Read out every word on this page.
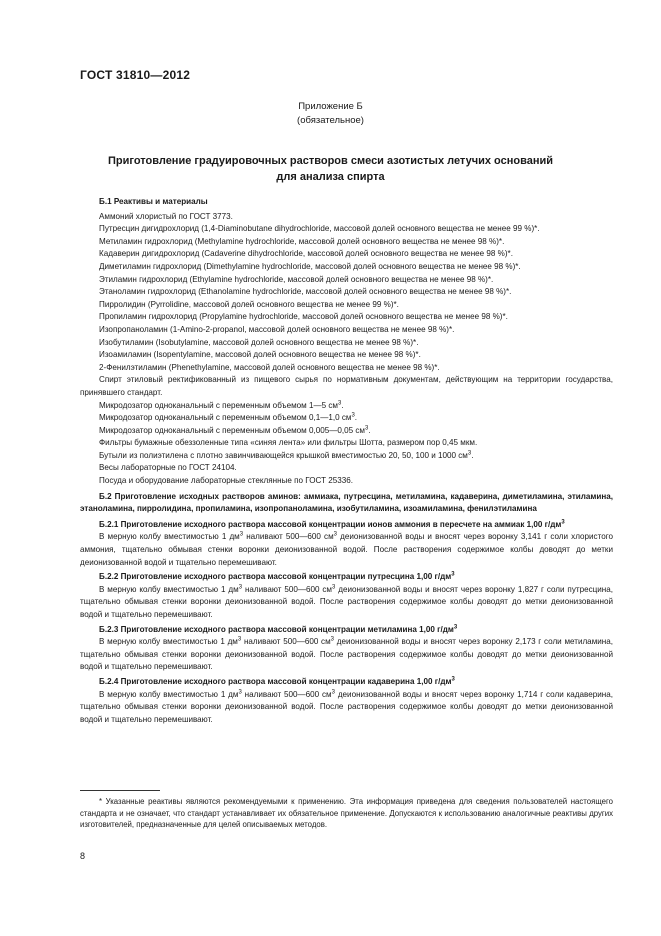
ГОСТ 31810—2012
Приложение Б
(обязательное)
Приготовление градуировочных растворов смеси азотистых летучих оснований
для анализа спирта

Б.1 Реактивы и материалы

Аммоний хлористый по ГОСТ 3773.

Путресцин дигидрохлорид (1,4-Diaminobutane dihydrochloride, массовой долей основного вещества не менее 99 %)*.

Метиламин гидрохлорид (Methylamine hydrochloride, массовой долей основного вещества не менее 98 %)*.

Кадаверин дигидрохлорид (Cadaverine dihydrochloride, массовой долей основного вещества не менее 98 %)*.

Диметиламин гидрохлорид (Dimethylamine hydrochloride, массовой долей основного вещества не менее 98 %)*.

Этиламин гидрохлорид (Ethylamine hydrochloride, массовой долей основного вещества не менее 98 %)*.

Этаноламин гидрохлорид (Ethanolamine hydrochloride, массовой долей основного вещества не менее 98 %)*.

Пирролидин (Pyrrolidine, массовой долей основного вещества не менее 99 %)*.

Пропиламин гидрохлорид (Propylamine hydrochloride, массовой долей основного вещества не менее 98 %)*.

Изопропаноламин (1-Amino-2-propanol, массовой долей основного вещества не менее 98 %)*.

Изобутиламин (Isobutylamine, массовой долей основного вещества не менее 98 %)*.

Изоамиламин (Isopentylamine, массовой долей основного вещества не менее 98 %)*.

2-Фенилэтиламин (Phenethylamine, массовой долей основного вещества не менее 98 %)*.

Спирт этиловый ректификованный из пищевого сырья по нормативным документам, действующим на территории государства, принявшего стандарт.

Микродозатор одноканальный с переменным объемом 1—5 $см^3$.

Микродозатор одноканальный с переменным объемом 0,1—1,0 $см^3$.

Микродозатор одноканальный с переменным объемом 0,005—0,05 $см^3$.

Фильтры бумажные обеззоленные типа «синяя лента» или фильтры Шотта, размером пор 0,45 мкм.

Бутыли из полиэтилена с плотно завинчивающейся крышкой вместимостью 20, 50, 100 и 1000 $см^3$.

Весы лабораторные по ГОСТ 24104.

Посуда и оборудование лабораторные стеклянные по ГОСТ 25336.

Б.2 Приготовление исходных растворов аминов: аммиака, путресцина, метиламина, кадаверина, диметиламина, этиламина, этаноламина, пирролидина, пропиламина, изопропаноламина, изобутиламина, изоамиламина, фенилэтиламина

Б.2.1 Приготовление исходного раствора массовой концентрации ионов аммония в пересчете на аммиак 1,00 $г/дм^3$

В мерную колбу вместимостью 1 $дм^3$ наливают 500—600 $см^3$ деионизованной воды и вносят через воронку 3,141 г соли хлористого аммония, тщательно обмывая стенки воронки деионизованной водой. После растворения содержимое колбы доводят до метки деионизованной водой и тщательно перемешивают.

Б.2.2 Приготовление исходного раствора массовой концентрации путресцина 1,00 $г/дм^3$

В мерную колбу вместимостью 1 $дм^3$ наливают 500—600 $см^3$ деионизованной воды и вносят через воронку 1,827 г соли путресцина, тщательно обмывая стенки воронки деионизованной водой. После растворения содержимое колбы доводят до метки деионизованной водой и тщательно перемешивают.

Б.2.3 Приготовление исходного раствора массовой концентрации метиламина 1,00 $г/дм^3$

В мерную колбу вместимостью 1 $дм^3$ наливают 500—600 $см^3$ деионизованной воды и вносят через воронку 2,173 г соли метиламина, тщательно обмывая стенки воронки деионизованной водой. После растворения содержимое колбы доводят до метки деионизованной водой и тщательно перемешивают.

Б.2.4 Приготовление исходного раствора массовой концентрации кадаверина 1,00 $г/дм^3$

В мерную колбу вместимостью 1 $дм^3$ наливают 500—600 $см^3$ деионизованной воды и вносят через воронку 1,714 г соли кадаверина, тщательно обмывая стенки воронки деионизованной водой. После растворения содержимое колбы доводят до метки деионизованной водой и тщательно перемешивают.

* Указанные реактивы являются рекомендуемыми к применению. Эта информация приведена для сведения пользователей настоящего стандарта и не означает, что стандарт устанавливает их обязательное применение. Допускаются к использованию аналогичные реактивы других изготовителей, предназначенные для целей описываемых методов.
8
